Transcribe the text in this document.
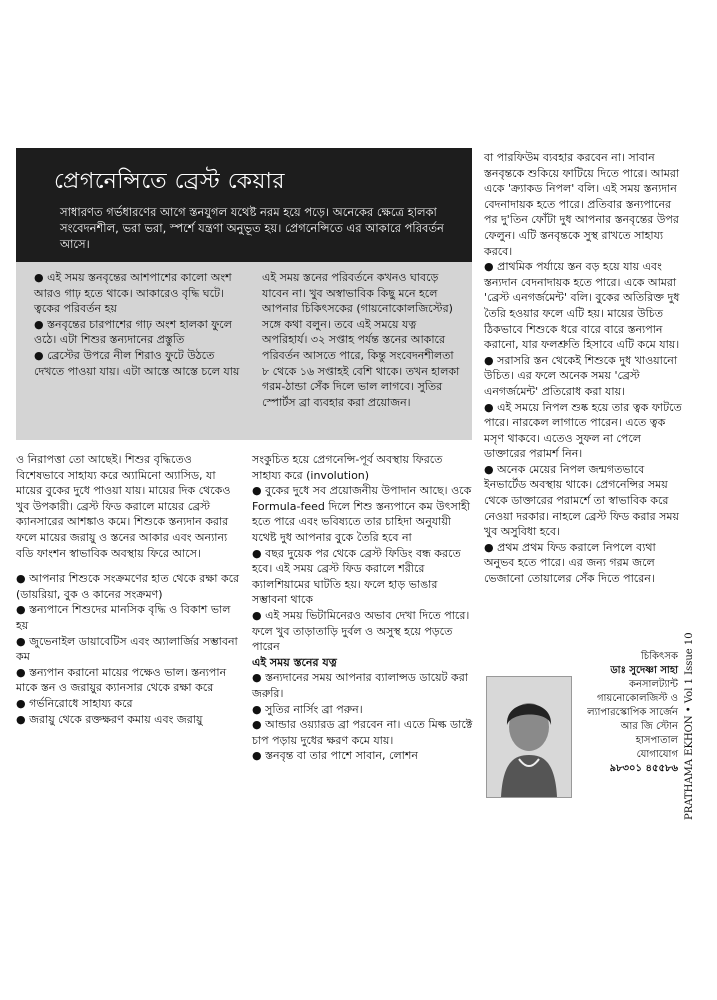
প্রেগনেন্সিতে ব্রেস্ট কেয়ার
সাধারণত গর্ভধারণের আগে স্তনযুগল যথেষ্ট নরম হয়ে পড়ে। অনেকের ক্ষেত্রে হালকা সংবেদনশীল, ভরা ভরা, স্পর্শে যন্ত্রণা অনুভূত হয়। প্রেগনেন্সিতে এর আকারে পরিবর্তন আসে।

● এই সময় স্তনবৃন্তের আশপাশের কালো অংশ আরও গাঢ় হতে থাকে। আকারেও বৃদ্ধি ঘটে। ত্বকের পরিবর্তন হয়

● স্তনবৃন্তের চারপাশের গাঢ় অংশ হালকা ফুলে ওঠে। এটা শিশুর স্তন্যদানের প্রস্তুতি

● ব্রেস্টের উপরে নীল শিরাও ফুটে উঠতে দেখতে পাওয়া যায়। এটা আস্তে আস্তে চলে যায়

এই সময় স্তনের পরিবর্তনে কখনও ঘাবড়ে যাবেন না। খুব অস্বাভাবিক কিছু মনে হলে আপনার চিকিৎসকের (গায়নোকোলজিস্টের) সঙ্গে কথা বলুন। তবে এই সময়ে যত্ন অপরিহার্য। ৩২ সপ্তাহ পর্যন্ত স্তনের আকারে পরিবর্তন আসতে পারে, কিন্তু সংবেদনশীলতা ৮ থেকে ১৬ সপ্তাহই বেশি থাকে। তখন হালকা গরম-ঠান্ডা সেঁক দিলে ভাল লাগবে। সুতির স্পোর্টস ব্রা ব্যবহার করা প্রয়োজন।

ও নিরাপত্তা তো আছেই। শিশুর বৃদ্ধিতেও বিশেষভাবে সাহায্য করে অ্যামিনো অ্যাসিড, যা মায়ের বুকের দুধে পাওয়া যায়। মায়ের দিক থেকেও খুব উপকারী। ব্রেস্ট ফিড করালে মায়ের ব্রেস্ট ক্যানসারের আশঙ্কাও কমে। শিশুকে স্তন্যদান করার ফলে মায়ের জরায়ু ও স্তনের আকার এবং অন্যান্য বডি ফাংশন স্বাভাবিক অবস্থায় ফিরে আসে।

● আপনার শিশুকে সংক্রমণের হাত থেকে রক্ষা করে (ডায়রিয়া, বুক ও কানের সংক্রমণ)

● স্তন্যপানে শিশুদের মানসিক বৃদ্ধি ও বিকাশ ভাল হয়

● জুভেনাইল ডায়াবেটিস এবং অ্যালার্জির সম্ভাবনা কম

● স্তন্যপান করানো মায়ের পক্ষেও ভাল। স্তন্যপান মাকে স্তন ও জরায়ুর ক্যানসার থেকে রক্ষা করে

● গর্ভনিরোধে সাহায্য করে

● জরায়ু থেকে রক্তক্ষরণ কমায় এবং জরায়ু

সংকুচিত হয়ে প্রেগনেন্সি-পূর্ব অবস্থায় ফিরতে সাহায্য করে (involution)

● বুকের দুধে সব প্রয়োজনীয় উপাদান আছে। ওকে Formula-feed দিলে শিশু স্তন্যপানে কম উৎসাহী হতে পারে এবং ভবিষ্যতে তার চাহিদা অনুযায়ী যথেষ্ট দুধ আপনার বুকে তৈরি হবে না

● বছর দুয়েক পর থেকে ব্রেস্ট ফিডিং বন্ধ করতে হবে। এই সময় ব্রেস্ট ফিড করালে শরীরে ক্যালশিয়ামের ঘাটতি হয়। ফলে হাড় ভাঙার সম্ভাবনা থাকে

● এই সময় ভিটামিনেরও অভাব দেখা দিতে পারে। ফলে খুব তাড়াতাড়ি দুর্বল ও অসুস্থ হয়ে পড়তে পারেন

এই সময় স্তনের যত্ন

● স্তন্যদানের সময় আপনার ব্যালান্সড ডায়েট করা জরুরি।

● সুতির নার্সিং ব্রা পরুন।

● আন্ডার ওয়্যারড ব্রা পরবেন না। এতে মিল্ক ডাক্টে চাপ পড়ায় দুধের ক্ষরণ কমে যায়।

● স্তনবৃন্ত বা তার পাশে সাবান, লোশন

বা পারফিউম ব্যবহার করবেন না। সাবান স্তনবৃন্তকে শুকিয়ে ফাটিয়ে দিতে পারে। আমরা একে 'ক্র্যাকড নিপল' বলি। এই সময় স্তন্যদান বেদনাদায়ক হতে পারে। প্রতিবার স্তন্যপানের পর দু'তিন ফোঁটা দুধ আপনার স্তনবৃন্তের উপর ফেলুন। এটি স্তনবৃন্তকে সুস্থ রাখতে সাহায্য করবে।

● প্রাথমিক পর্যায়ে স্তন বড় হয়ে যায় এবং স্তন্যদান বেদনাদায়ক হতে পারে। একে আমরা 'ব্রেস্ট এনগর্জমেন্ট' বলি। বুকের অতিরিক্ত দুধ তৈরি হওয়ার ফলে এটি হয়। মায়ের উচিত ঠিকভাবে শিশুকে ধরে বারে বারে স্তন্যপান করানো, যার ফলশ্রুতি হিসাবে এটি কমে যায়।

● সরাসরি স্তন থেকেই শিশুকে দুধ খাওয়ানো উচিত। এর ফলে অনেক সময় 'ব্রেস্ট এনগর্জমেন্ট' প্রতিরোধ করা যায়।

● এই সময়ে নিপল শুষ্ক হয়ে তার ত্বক ফাটতে পারে। নারকেল লাগাতে পারেন। এতে ত্বক মসৃণ থাকবে। এতেও সুফল না পেলে ডাক্তারের পরামর্শ নিন।

● অনেক মেয়ের নিপল জন্মগতভাবে ইনভার্টেড অবস্থায় থাকে। প্রেগনেন্সির সময় থেকে ডাক্তারের পরামর্শে তা স্বাভাবিক করে নেওয়া দরকার। নাহলে ব্রেস্ট ফিড করার সময় খুব অসুবিধা হবে।

● প্রথম প্রথম ফিড করালে নিপলে ব্যথা অনুভব হতে পারে। এর জন্য গরম জলে ভেজানো তোয়ালের সেঁক দিতে পারেন।

চিকিৎসক
ডাঃ সুদেষ্ণা সাহা
কনসালট্যান্ট
গায়নোকোলজিস্ট ও
ল্যাপারস্কোপিক সার্জেন
আর জি স্টোন
হাসপাতাল
যোগাযোগ
৯৮৩০১ ৪৫৫৮৬ PRATHAMA EKHON • Vol 1 Issue 10
